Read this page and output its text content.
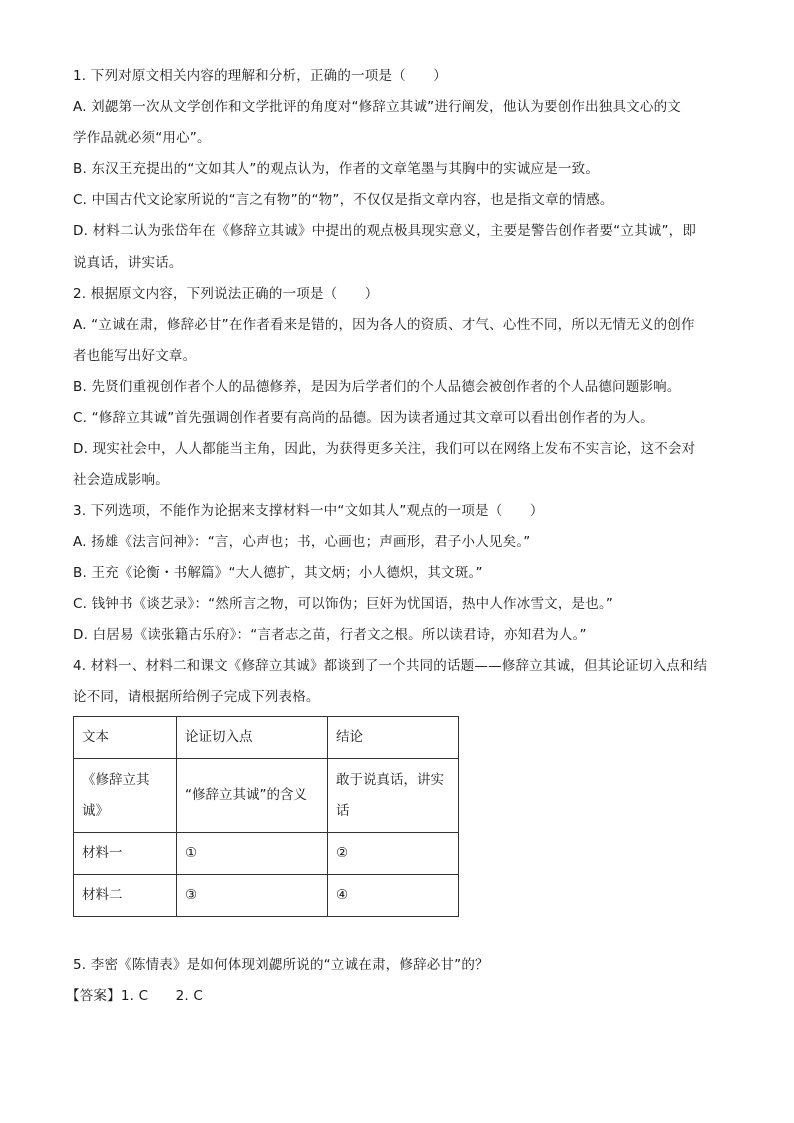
1. 下列对原文相关内容的理解和分析，正确的一项是（　　）
A. 刘勰第一次从文学创作和文学批评的角度对“修辞立其诚”进行阐发，他认为要创作出独具文心的文
学作品就必须“用心”。
B. 东汉王充提出的“文如其人”的观点认为，作者的文章笔墨与其胸中的实诚应是一致。
C. 中国古代文论家所说的“言之有物”的“物”，不仅仅是指文章内容，也是指文章的情感。
D. 材料二认为张岱年在《修辞立其诚》中提出的观点极具现实意义，主要是警告创作者要“立其诚”，即
说真话，讲实话。
2. 根据原文内容，下列说法正确的一项是（　　）
A. “立诚在肃，修辞必甘”在作者看来是错的，因为各人的资质、才气、心性不同，所以无情无义的创作
者也能写出好文章。
B. 先贤们重视创作者个人的品德修养，是因为后学者们的个人品德会被创作者的个人品德问题影响。
C. “修辞立其诚”首先强调创作者要有高尚的品德。因为读者通过其文章可以看出创作者的为人。
D. 现实社会中，人人都能当主角，因此，为获得更多关注，我们可以在网络上发布不实言论，这不会对
社会造成影响。
3. 下列选项，不能作为论据来支撑材料一中“文如其人”观点的一项是（　　）
A. 扬雄《法言问神》：“言，心声也；书，心画也；声画形，君子小人见矣。”
B. 王充《论衡・书解篇》“大人德扩，其文炳；小人德炽，其文斑。”
C. 钱钟书《谈艺录》：“然所言之物，可以饰伪；巨奸为忧国语，热中人作冰雪文，是也。”
D. 白居易《读张籍古乐府》：“言者志之苗，行者文之根。所以读君诗，亦知君为人。”
4. 材料一、材料二和课文《修辞立其诚》都谈到了一个共同的话题——修辞立其诚，但其论证切入点和结
论不同，请根据所给例子完成下列表格。
文本	论证切入点	结论
《修辞立其诚》	“修辞立其诚”的含义	敢于说真话，讲实话
材料一	①	②
材料二	③	④
5. 李密《陈情表》是如何体现刘勰所说的“立诚在肃，修辞必甘”的？
【答案】1. C　　2. C
